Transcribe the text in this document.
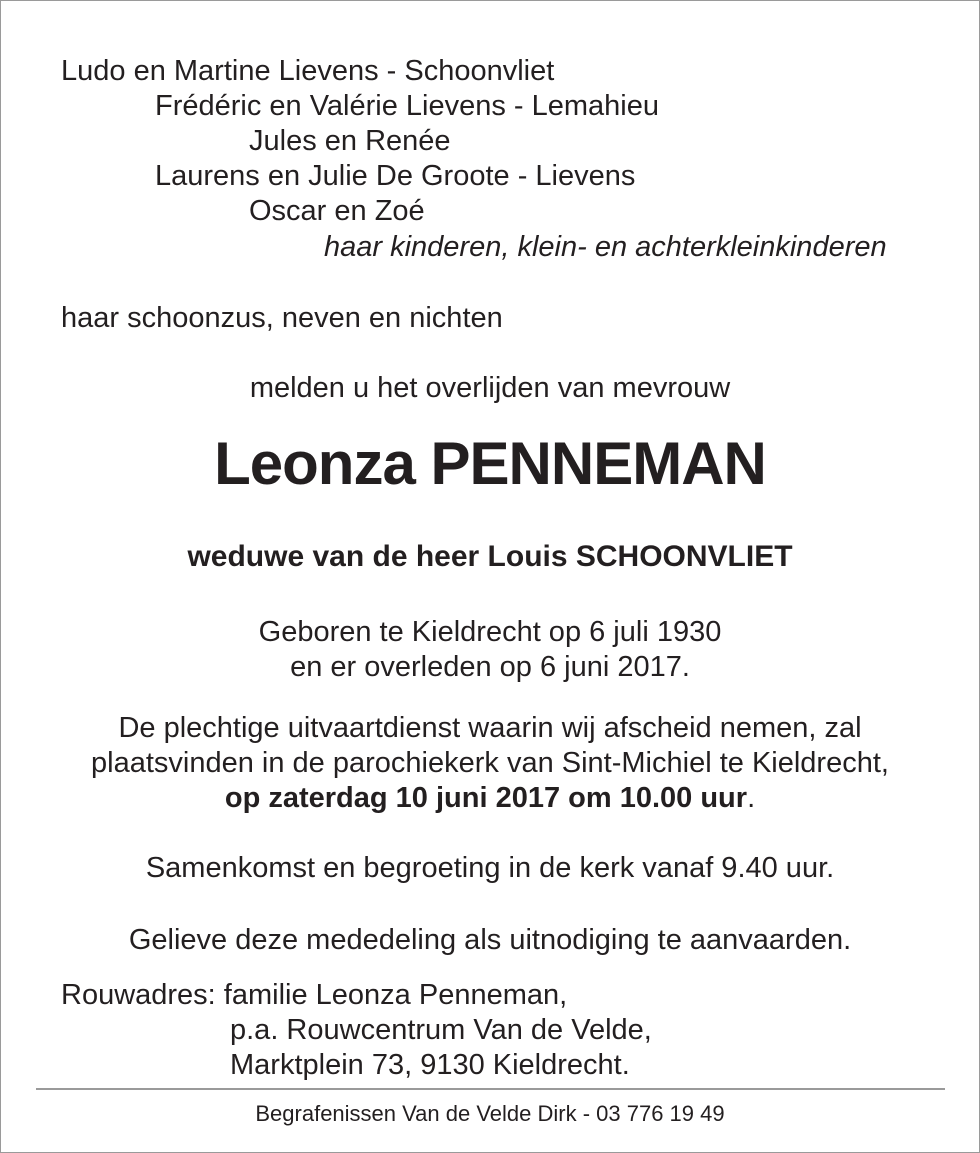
Ludo en Martine Lievens - Schoonvliet
Frédéric en Valérie Lievens - Lemahieu
Jules en Renée
Laurens en Julie De Groote - Lievens
Oscar en Zoé
haar kinderen, klein- en achterkleinkinderen
haar schoonzus, neven en nichten
melden u het overlijden van mevrouw
Leonza PENNEMAN
weduwe van de heer Louis SCHOONVLIET
Geboren te Kieldrecht op 6 juli 1930
en er overleden op 6 juni 2017.
De plechtige uitvaartdienst waarin wij afscheid nemen, zal
plaatsvinden in de parochiekerk van Sint-Michiel te Kieldrecht,
op zaterdag 10 juni 2017 om 10.00 uur.
Samenkomst en begroeting in de kerk vanaf 9.40 uur.
Gelieve deze mededeling als uitnodiging te aanvaarden.
Rouwadres: familie Leonza Penneman,
p.a. Rouwcentrum Van de Velde,
Marktplein 73, 9130 Kieldrecht.
Begrafenissen Van de Velde Dirk - 03 776 19 49
